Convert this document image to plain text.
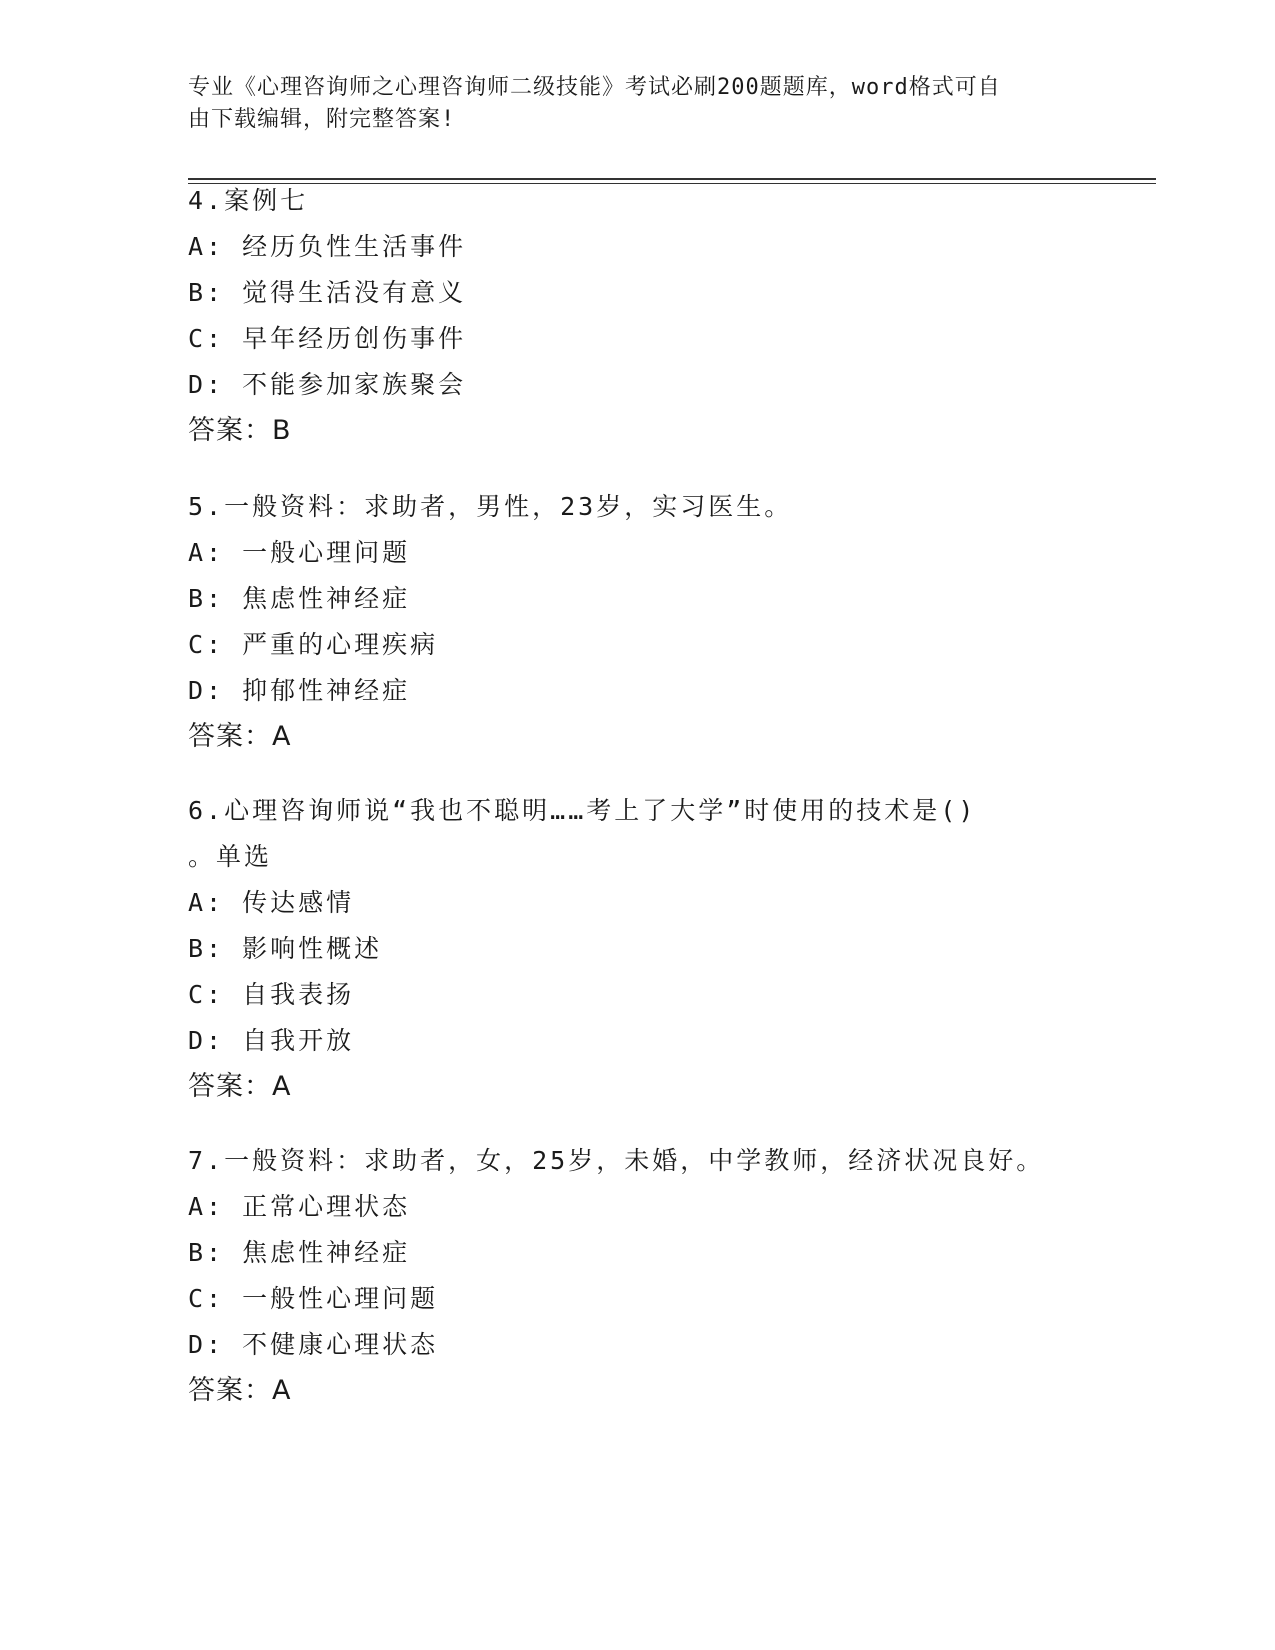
专业《心理咨询师之心理咨询师二级技能》考试必刷200题题库，word格式可自
由下载编辑，附完整答案!
4.案例七
A: 经历负性生活事件
B: 觉得生活没有意义
C: 早年经历创伤事件
D: 不能参加家族聚会
答案：B
5.一般资料：求助者，男性，23岁，实习医生。
A: 一般心理问题
B: 焦虑性神经症
C: 严重的心理疾病
D: 抑郁性神经症
答案：A
6.心理咨询师说“我也不聪明……考上了大学”时使用的技术是()
。单选
A: 传达感情
B: 影响性概述
C: 自我表扬
D: 自我开放
答案：A
7.一般资料：求助者，女，25岁，未婚，中学教师，经济状况良好。
A: 正常心理状态
B: 焦虑性神经症
C: 一般性心理问题
D: 不健康心理状态
答案：A
